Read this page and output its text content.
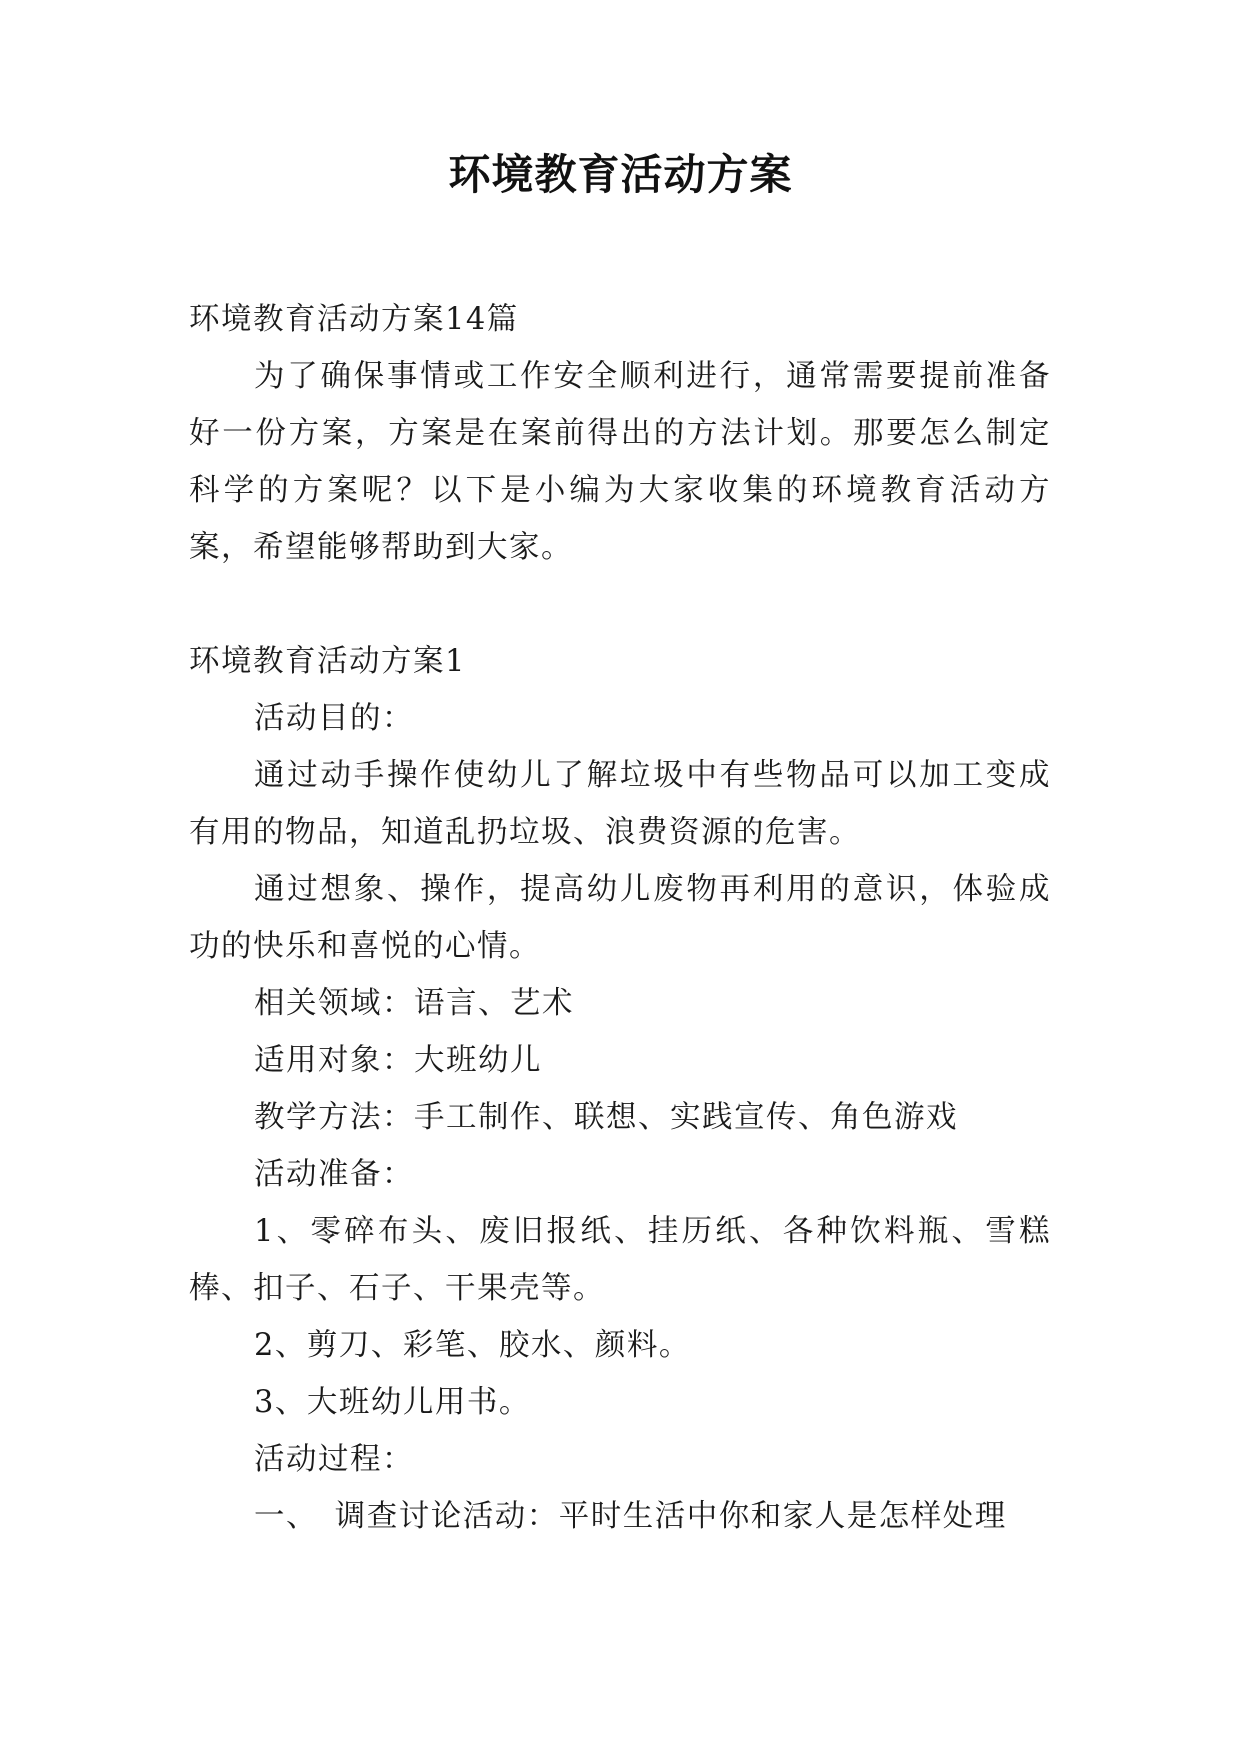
环境教育活动方案

环境教育活动方案14篇

为了确保事情或工作安全顺利进行，通常需要提前准备好一份方案，方案是在案前得出的方法计划。那要怎么制定科学的方案呢？以下是小编为大家收集的环境教育活动方案，希望能够帮助到大家。

环境教育活动方案1

活动目的：

通过动手操作使幼儿了解垃圾中有些物品可以加工变成有用的物品，知道乱扔垃圾、浪费资源的危害。

通过想象、操作，提高幼儿废物再利用的意识，体验成功的快乐和喜悦的心情。

相关领域：语言、艺术

适用对象：大班幼儿

教学方法：手工制作、联想、实践宣传、角色游戏

活动准备：

1、零碎布头、废旧报纸、挂历纸、各种饮料瓶、雪糕棒、扣子、石子、干果壳等。

2、剪刀、彩笔、胶水、颜料。

3、大班幼儿用书。

活动过程：

一、　调查讨论活动：平时生活中你和家人是怎样处理
